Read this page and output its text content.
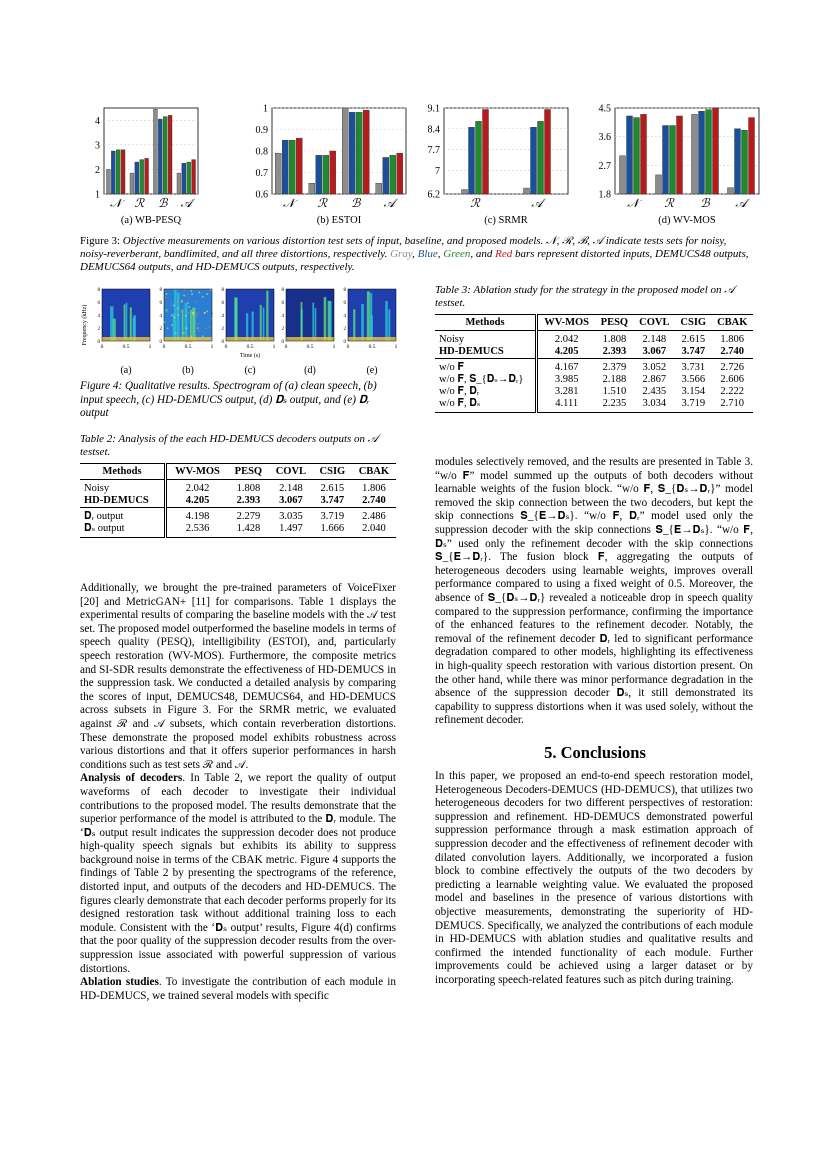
1
2
3
4
𝒩 ℛ ℬ 𝒜
(a) WB-PESQ
0.6
0.7
0.8
0.9
1
𝒩 ℛ ℬ 𝒜
(b) ESTOI
6.2
7
7.7
8.4
9.1
ℛ	𝒜
(c) SRMR
1.8
2.7
3.6
4.5
𝒩 ℛ ℬ 𝒜
(d) WV-MOS
Figure 3: Objective measurements on various distortion test sets of input, baseline, and proposed models. 𝒩, ℛ, ℬ, 𝒜 indicate tests sets for noisy, noisy-reverberant, bandlimited, and all three distortions, respectively. Gray, Blue, Green, and Red bars represent distorted inputs, DEMUCS48 outputs, DEMUCS64 outputs, and HD-DEMUCS outputs, respectively.
Frequency (kHz)
8
6
4
2
0
0	0.5	1
(a)
8
6
4
2
0
0	0.5	1
(b)
8
6
4
2
0
0	0.5	1
(c)
8
6
4
2
0
0	0.5	1
(d)
8
6
4
2
0
0	0.5	1
(e)
Time (s)
Figure 4: Qualitative results. Spectrogram of (a) clean speech, (b) input speech, (c) HD-DEMUCS output, (d) 𝐃ₛ output, and (e) 𝐃ᵣ output
Table 2: Analysis of the each HD-DEMUCS decoders outputs on 𝒜 testset.
Methods	WV-MOS	PESQ	COVL	CSIG	CBAK
Noisy	2.042	1.808	2.148	2.615	1.806
HD-DEMUCS	4.205	2.393	3.067	3.747	2.740
𝐃ᵣ output	4.198	2.279	3.035	3.719	2.486
𝐃ₛ output	2.536	1.428	1.497	1.666	2.040
Table 3: Ablation study for the strategy in the proposed model on 𝒜 testset.
Methods	WV-MOS	PESQ	COVL	CSIG	CBAK
Noisy	2.042	1.808	2.148	2.615	1.806
HD-DEMUCS	4.205	2.393	3.067	3.747	2.740
w/o 𝐅	4.167	2.379	3.052	3.731	2.726
w/o 𝐅, 𝐒_{𝐃ₛ→𝐃ᵣ}	3.985	2.188	2.867	3.566	2.606
w/o 𝐅, 𝐃ᵣ	3.281	1.510	2.435	3.154	2.222
w/o 𝐅, 𝐃ₛ	4.111	2.235	3.034	3.719	2.710

Additionally, we brought the pre-trained parameters of VoiceFixer [20] and MetricGAN+ [11] for comparisons. Table 1 displays the experimental results of comparing the baseline models with the 𝒜 test set. The proposed model outperformed the baseline models in terms of speech quality (PESQ), intelligibility (ESTOI), and, particularly speech restoration (WV-MOS). Furthermore, the composite metrics and SI-SDR results demonstrate the effectiveness of HD-DEMUCS in the suppression task. We conducted a detailed analysis by comparing the scores of input, DEMUCS48, DEMUCS64, and HD-DEMUCS across subsets in Figure 3. For the SRMR metric, we evaluated against ℛ and 𝒜 subsets, which contain reverberation distortions. These demonstrate the proposed model exhibits robustness across various distortions and that it offers superior performances in harsh conditions such as test sets ℛ and 𝒜.

Analysis of decoders. In Table 2, we report the quality of output waveforms of each decoder to investigate their individual contributions to the proposed model. The results demonstrate that the superior performance of the model is attributed to the 𝐃ᵣ module. The ‘𝐃ₛ output result indicates the suppression decoder does not produce high-quality speech signals but exhibits its ability to suppress background noise in terms of the CBAK metric. Figure 4 supports the findings of Table 2 by presenting the spectrograms of the reference, distorted input, and outputs of the decoders and HD-DEMUCS. The figures clearly demonstrate that each decoder performs properly for its designed restoration task without additional training loss to each module. Consistent with the ‘𝐃ₛ output’ results, Figure 4(d) confirms that the poor quality of the suppression decoder results from the over-suppression issue associated with powerful suppression of various distortions.

Ablation studies. To investigate the contribution of each module in HD-DEMUCS, we trained several models with specific

modules selectively removed, and the results are presented in Table 3. “w/o 𝐅” model summed up the outputs of both decoders without learnable weights of the fusion block. “w/o 𝐅, 𝐒_{𝐃ₛ→𝐃ᵣ}” model removed the skip connection between the two decoders, but kept the skip connections 𝐒_{𝐄→𝐃ₛ}. “w/o 𝐅, 𝐃ᵣ” model used only the suppression decoder with the skip connections 𝐒_{𝐄→𝐃ₛ}. “w/o 𝐅, 𝐃ₛ” used only the refinement decoder with the skip connections 𝐒_{𝐄→𝐃ᵣ}. The fusion block 𝐅, aggregating the outputs of heterogeneous decoders using learnable weights, improves overall performance compared to using a fixed weight of 0.5. Moreover, the absence of 𝐒_{𝐃ₛ→𝐃ᵣ} revealed a noticeable drop in speech quality compared to the suppression performance, confirming the importance of the enhanced features to the refinement decoder. Notably, the removal of the refinement decoder 𝐃ᵣ led to significant performance degradation compared to other models, highlighting its effectiveness in high-quality speech restoration with various distortion present. On the other hand, while there was minor performance degradation in the absence of the suppression decoder 𝐃ₛ, it still demonstrated its capability to suppress distortions when it was used solely, without the refinement decoder.

5. Conclusions

In this paper, we proposed an end-to-end speech restoration model, Heterogeneous Decoders-DEMUCS (HD-DEMUCS), that utilizes two heterogeneous decoders for two different perspectives of restoration: suppression and refinement. HD-DEMUCS demonstrated powerful suppression performance through a mask estimation approach of suppression decoder and the effectiveness of refinement decoder with dilated convolution layers. Additionally, we incorporated a fusion block to combine effectively the outputs of the two decoders by predicting a learnable weighting value. We evaluated the proposed model and baselines in the presence of various distortions with objective measurements, demonstrating the superiority of HD-DEMUCS. Specifically, we analyzed the contributions of each module in HD-DEMUCS with ablation studies and qualitative results and confirmed the intended functionality of each module. Further improvements could be achieved using a larger dataset or by incorporating speech-related features such as pitch during training.
